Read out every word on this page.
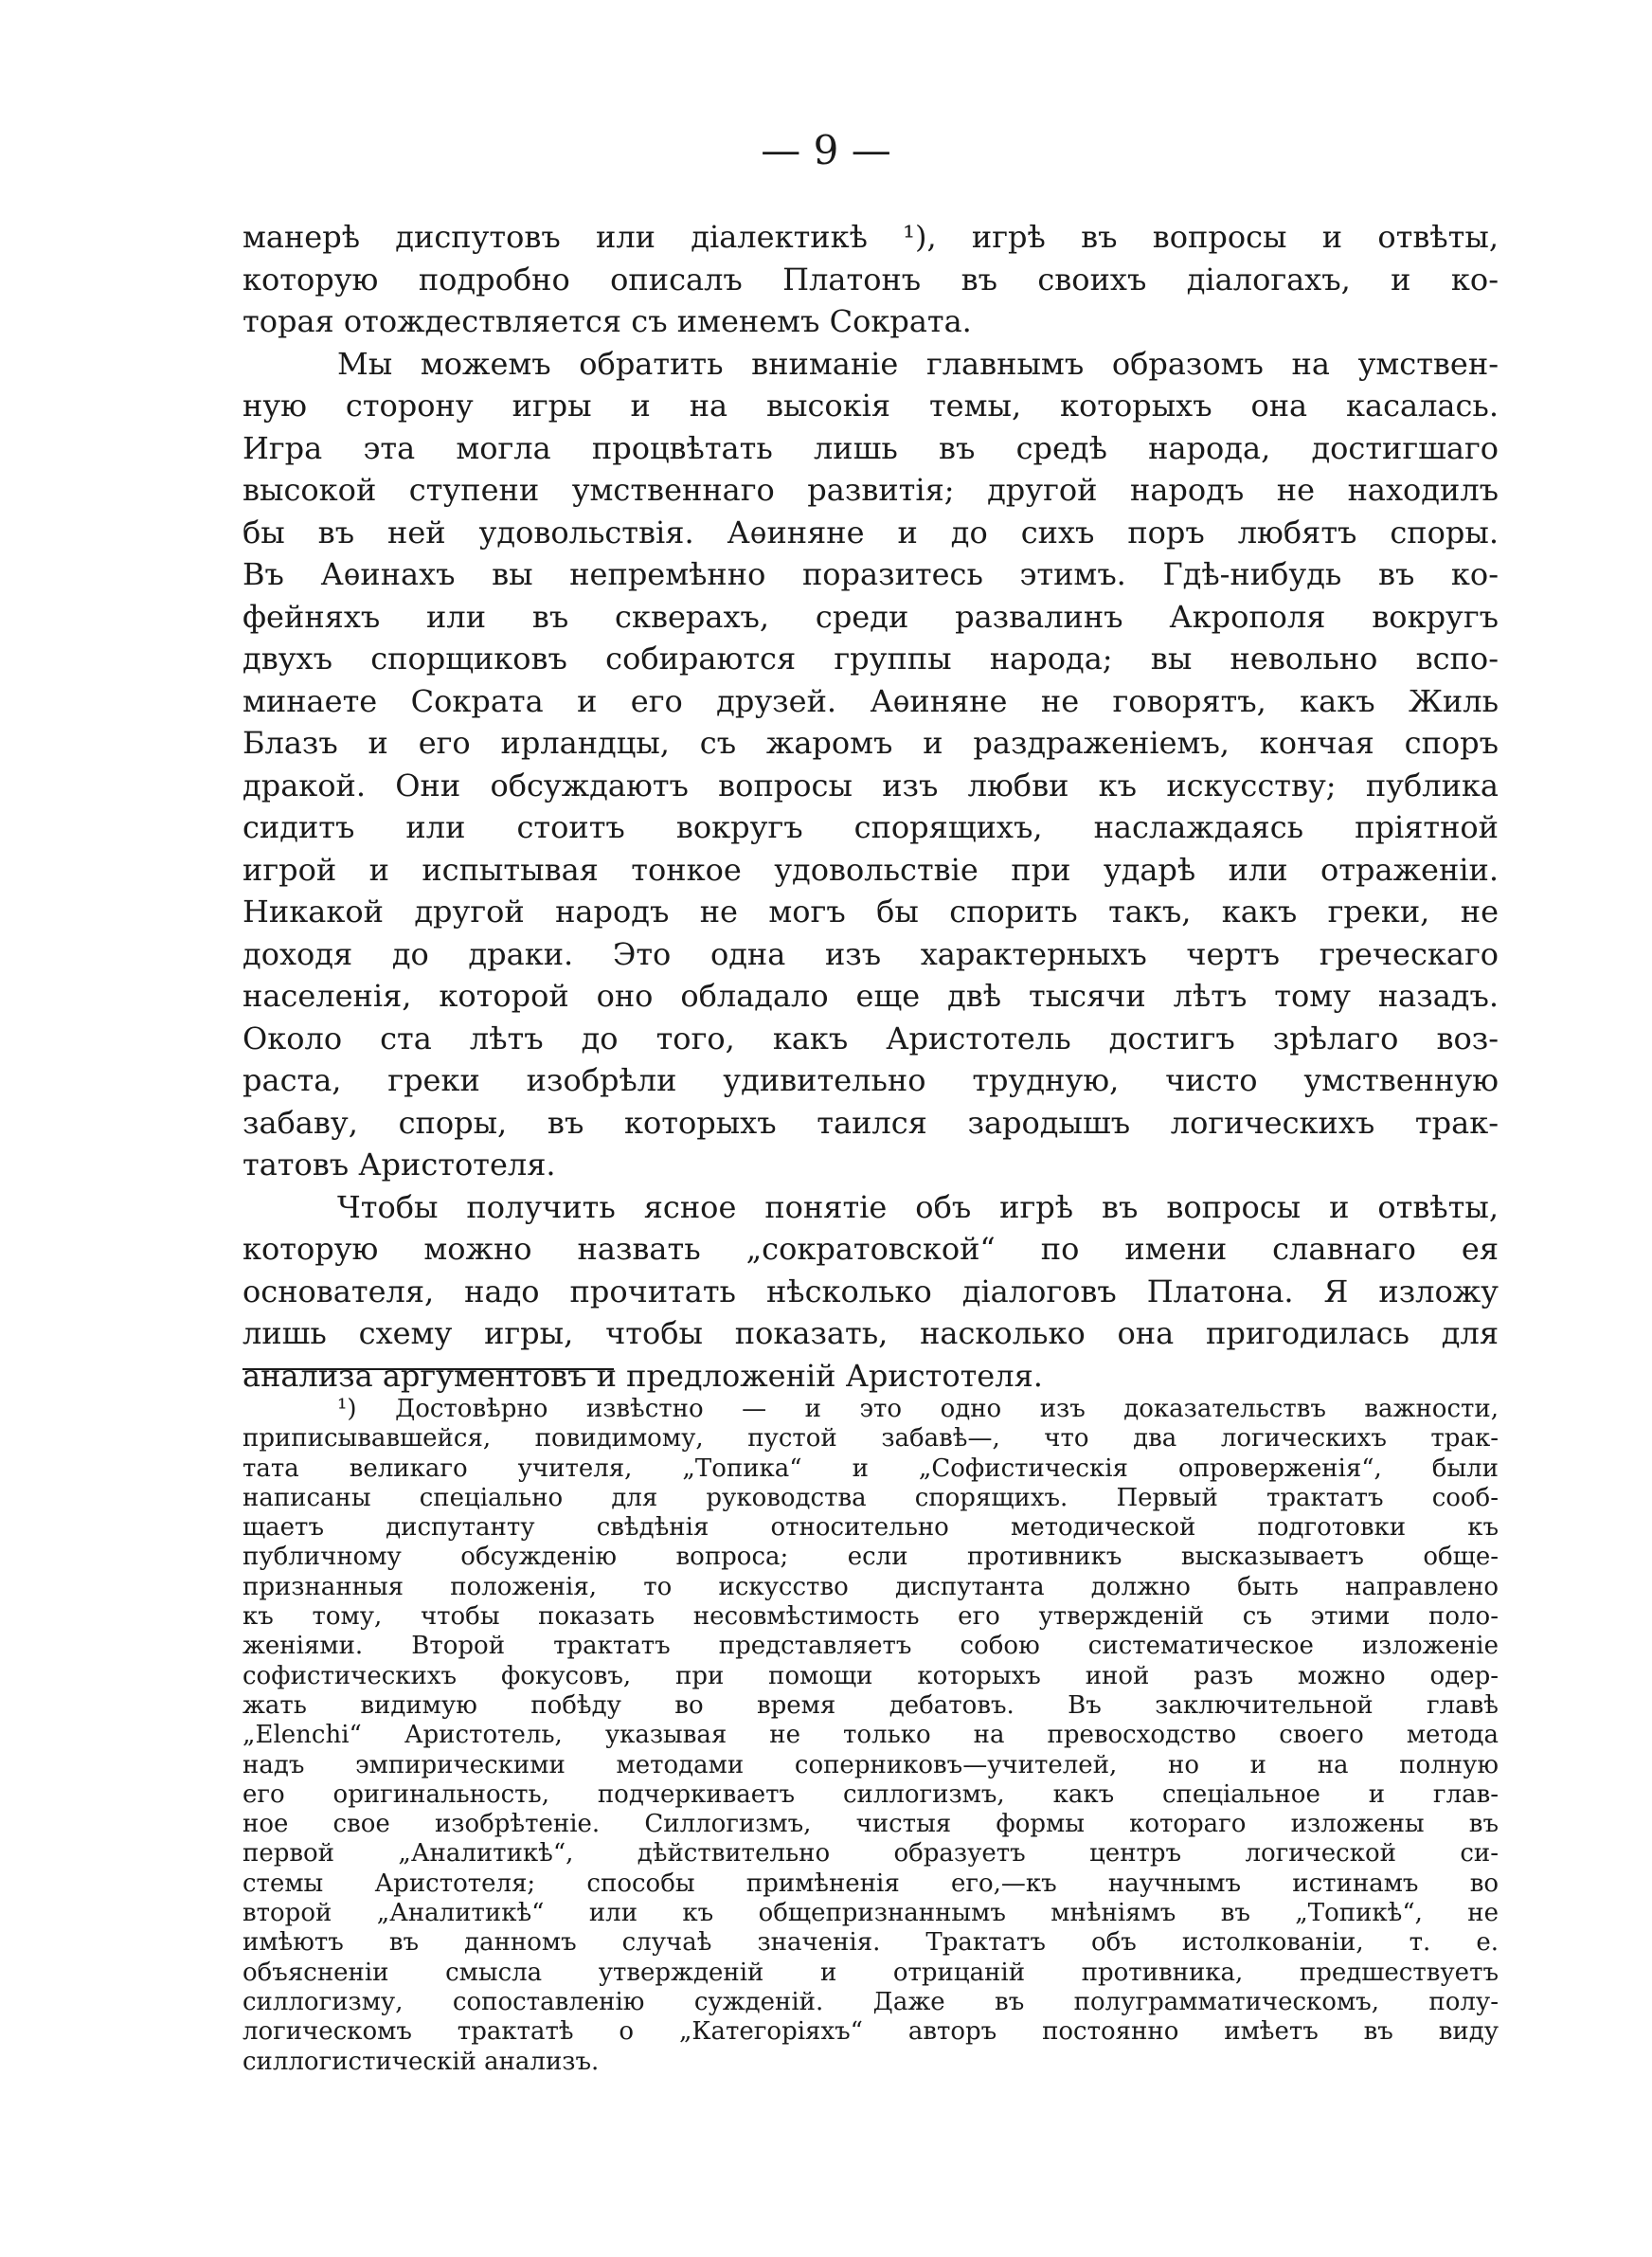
— 9 —
манерѣ диспутовъ или діалектикѣ ¹), игрѣ въ вопросы и отвѣты,
которую подробно описалъ Платонъ въ своихъ діалогахъ, и ко-
торая отождествляется съ именемъ Сократа.
Мы можемъ обратить вниманіе главнымъ образомъ на умствен-
ную сторону игры и на высокія темы, которыхъ она касалась.
Игра эта могла процвѣтать лишь въ средѣ народа, достигшаго
высокой ступени умственнаго развитія; другой народъ не находилъ
бы въ ней удовольствія. Аѳиняне и до сихъ поръ любятъ споры.
Въ Аѳинахъ вы непремѣнно поразитесь этимъ. Гдѣ-нибудь въ ко-
фейняхъ или въ скверахъ, среди развалинъ Акрополя вокругъ
двухъ спорщиковъ собираются группы народа; вы невольно вспо-
минаете Сократа и его друзей. Аѳиняне не говорятъ, какъ Жиль
Блазъ и его ирландцы, съ жаромъ и раздраженіемъ, кончая споръ
дракой. Они обсуждаютъ вопросы изъ любви къ искусству; публика
сидитъ или стоитъ вокругъ спорящихъ, наслаждаясь пріятной
игрой и испытывая тонкое удовольствіе при ударѣ или отраженіи.
Никакой другой народъ не могъ бы спорить такъ, какъ греки, не
доходя до драки. Это одна изъ характерныхъ чертъ греческаго
населенія, которой оно обладало еще двѣ тысячи лѣтъ тому назадъ.
Около ста лѣтъ до того, какъ Аристотель достигъ зрѣлаго воз-
раста, греки изобрѣли удивительно трудную, чисто умственную
забаву, споры, въ которыхъ таился зародышъ логическихъ трак-
татовъ Аристотеля.
Чтобы получить ясное понятіе объ игрѣ въ вопросы и отвѣты,
которую можно назвать „сократовской“ по имени славнаго ея
основателя, надо прочитать нѣсколько діалоговъ Платона. Я изложу
лишь схему игры, чтобы показать, насколько она пригодилась для
анализа аргументовъ и предложеній Аристотеля.
¹) Достовѣрно извѣстно — и это одно изъ доказательствъ важности,
приписывавшейся, повидимому, пустой забавѣ—, что два логическихъ трак-
тата великаго учителя, „Топика“ и „Софистическія опроверженія“, были
написаны спеціально для руководства спорящихъ. Первый трактатъ сооб-
щаетъ диспутанту свѣдѣнія относительно методической подготовки къ
публичному обсужденію вопроса; если противникъ высказываетъ обще-
признанныя положенія, то искусство диспутанта должно быть направлено
къ тому, чтобы показать несовмѣстимость его утвержденій съ этими поло-
женіями. Второй трактатъ представляетъ собою систематическое изложеніе
софистическихъ фокусовъ, при помощи которыхъ иной разъ можно одер-
жать видимую побѣду во время дебатовъ. Въ заключительной главѣ
„Elenchi“ Аристотель, указывая не только на превосходство своего метода
надъ эмпирическими методами соперниковъ—учителей, но и на полную
его оригинальность, подчеркиваетъ силлогизмъ, какъ спеціальное и глав-
ное свое изобрѣтеніе. Силлогизмъ, чистыя формы котораго изложены въ
первой „Аналитикѣ“, дѣйствительно образуетъ центръ логической си-
стемы Аристотеля; способы примѣненія его,—къ научнымъ истинамъ во
второй „Аналитикѣ“ или къ общепризнаннымъ мнѣніямъ въ „Топикѣ“, не
имѣютъ въ данномъ случаѣ значенія. Трактатъ объ истолкованіи, т. е.
объясненіи смысла утвержденій и отрицаній противника, предшествуетъ
силлогизму, сопоставленію сужденій. Даже въ полуграмматическомъ, полу-
логическомъ трактатѣ о „Категоріяхъ“ авторъ постоянно имѣетъ въ виду
силлогистическій анализъ.
